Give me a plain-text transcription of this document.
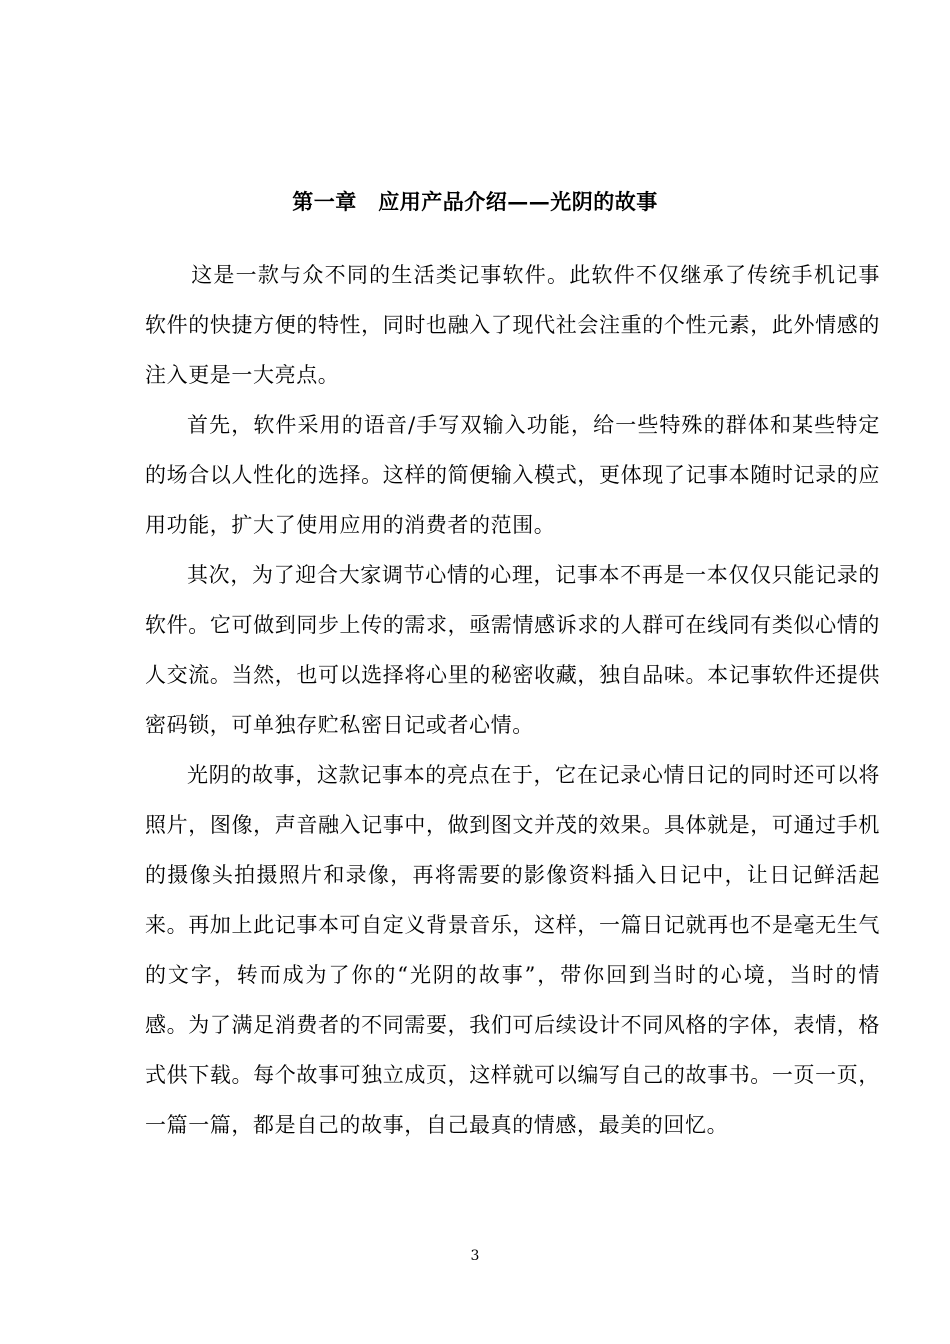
第一章　应用产品介绍——光阴的故事

这是一款与众不同的生活类记事软件。此软件不仅继承了传统手机记事软件的快捷方便的特性，同时也融入了现代社会注重的个性元素，此外情感的注入更是一大亮点。

首先，软件采用的语音/手写双输入功能，给一些特殊的群体和某些特定的场合以人性化的选择。这样的简便输入模式，更体现了记事本随时记录的应用功能，扩大了使用应用的消费者的范围。

其次，为了迎合大家调节心情的心理，记事本不再是一本仅仅只能记录的软件。它可做到同步上传的需求，亟需情感诉求的人群可在线同有类似心情的人交流。当然，也可以选择将心里的秘密收藏，独自品味。本记事软件还提供密码锁，可单独存贮私密日记或者心情。

光阴的故事，这款记事本的亮点在于，它在记录心情日记的同时还可以将照片，图像，声音融入记事中，做到图文并茂的效果。具体就是，可通过手机的摄像头拍摄照片和录像，再将需要的影像资料插入日记中，让日记鲜活起来。再加上此记事本可自定义背景音乐，这样，一篇日记就再也不是毫无生气的文字，转而成为了你的“光阴的故事”，带你回到当时的心境，当时的情感。为了满足消费者的不同需要，我们可后续设计不同风格的字体，表情，格式供下载。每个故事可独立成页，这样就可以编写自己的故事书。一页一页，一篇一篇，都是自己的故事，自己最真的情感，最美的回忆。

3
